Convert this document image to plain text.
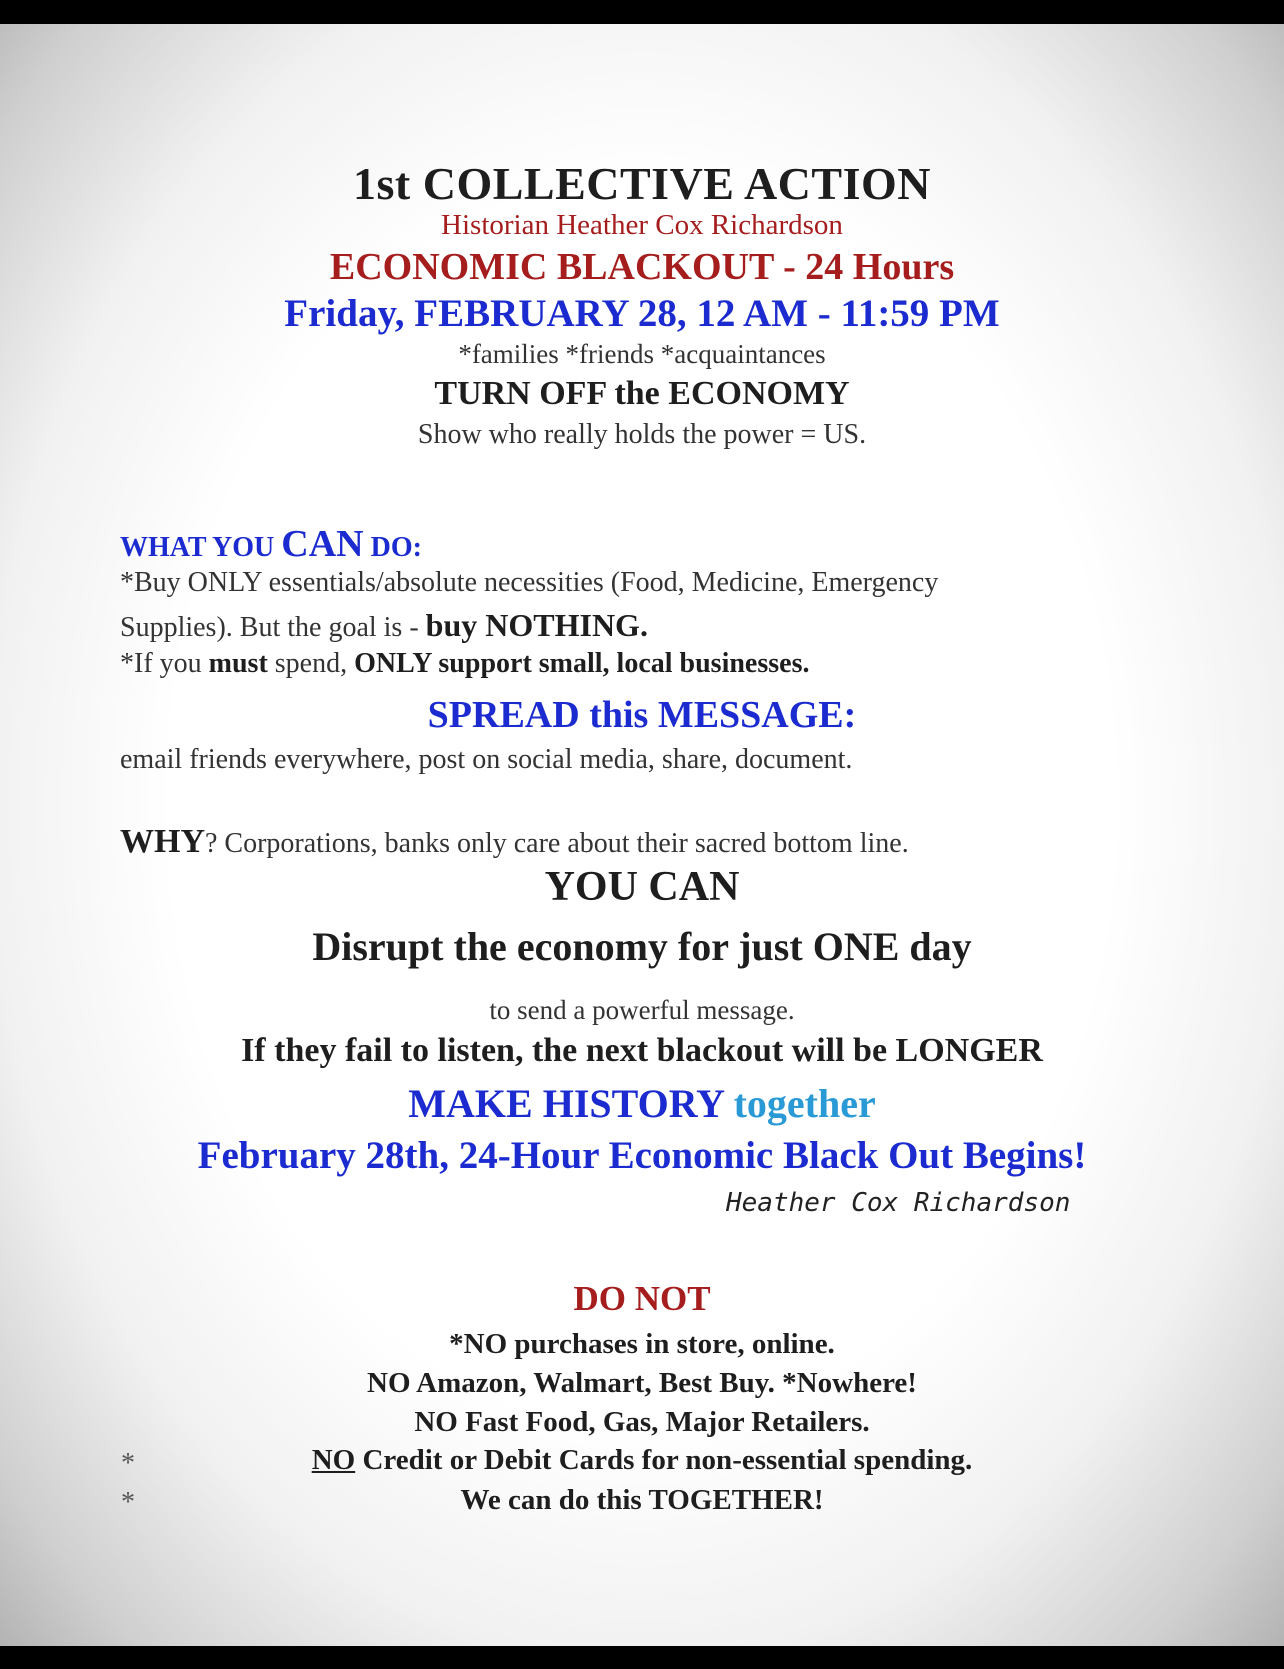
1st COLLECTIVE ACTION
Historian Heather Cox Richardson
ECONOMIC BLACKOUT - 24 Hours
Friday, FEBRUARY 28, 12 AM - 11:59 PM
*families *friends *acquaintances
TURN OFF the ECONOMY
Show who really holds the power = US.
WHAT YOU CAN DO:
*Buy ONLY essentials/absolute necessities (Food, Medicine, Emergency
Supplies). But the goal is - buy NOTHING.
*If you must spend, ONLY support small, local businesses.
SPREAD this MESSAGE:
email friends everywhere, post on social media, share, document.
WHY? Corporations, banks only care about their sacred bottom line.
YOU CAN
Disrupt the economy for just ONE day
to send a powerful message.
If they fail to listen, the next blackout will be LONGER
MAKE HISTORY together
February 28th, 24-Hour Economic Black Out Begins!
Heather Cox Richardson
DO NOT
*NO purchases in store, online.
NO Amazon, Walmart, Best Buy. *Nowhere!
NO Fast Food, Gas, Major Retailers.
NO Credit or Debit Cards for non-essential spending.
We can do this TOGETHER!
*
*
